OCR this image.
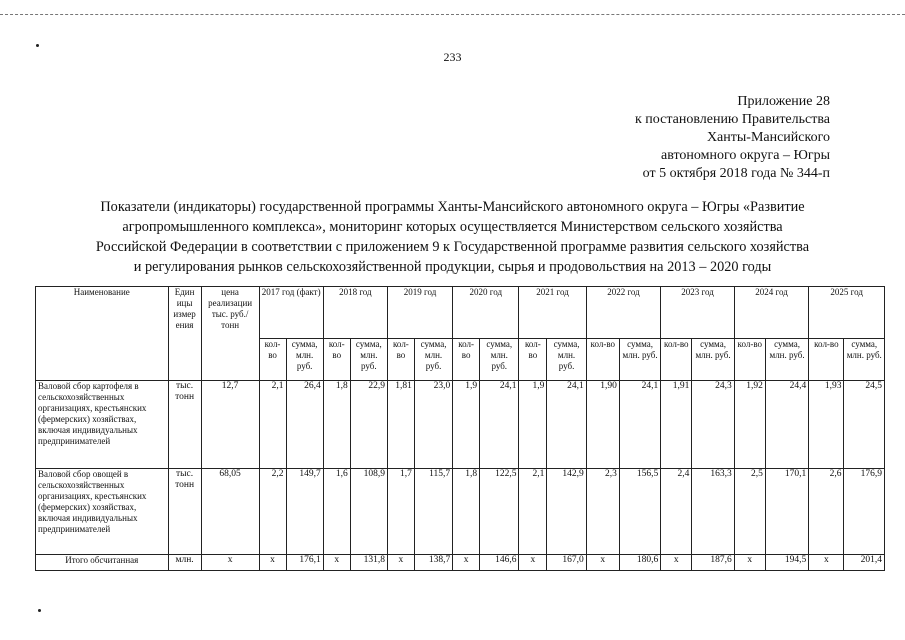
233
Приложение 28
к постановлению Правительства
Ханты-Мансийского
автономного округа – Югры
от 5 октября 2018 года № 344-п
Показатели (индикаторы) государственной программы Ханты-Мансийского автономного округа – Югры «Развитие
агропромышленного комплекса», мониторинг которых осуществляется Министерством сельского хозяйства
Российской Федерации в соответствии с приложением 9 к Государственной программе развития сельского хозяйства
и регулирования рынков сельскохозяйственной продукции, сырья и продовольствия на 2013 – 2020 годы
Наименование	Един ицы измер ения	цена реализации тыс. руб./ тонн	2017 год (факт)		2018 год		2019 год		2020 год		2021 год		2022 год		2023 год		2024 год		2025 год	
			кол-во	сумма, млн. руб.	кол-во	сумма, млн. руб.	кол-во	сумма, млн. руб.	кол-во	сумма, млн. руб.	кол-во	сумма, млн. руб.	кол-во	сумма, млн. руб.	кол-во	сумма, млн. руб.	кол-во	сумма, млн. руб.	кол-во	сумма, млн. руб.
Валовой сбор картофеля в сельскохозяйственных организациях, крестьянских (фермерских) хозяйствах, включая индивидуальных предпринимателей	тыс. тонн	12,7	2,1	26,4	1,8	22,9	1,81	23,0	1,9	24,1	1,9	24,1	1,90	24,1	1,91	24,3	1,92	24,4	1,93	24,5
Валовой сбор овощей в сельскохозяйственных организациях, крестьянских (фермерских) хозяйствах, включая индивидуальных предпринимателей	тыс. тонн	68,05	2,2	149,7	1,6	108,9	1,7	115,7	1,8	122,5	2,1	142,9	2,3	156,5	2,4	163,3	2,5	170,1	2,6	176,9
Итого обсчитанная	млн.	х	х	176,1	х	131,8	х	138,7	х	146,6	х	167,0	х	180,6	х	187,6	х	194,5	х	201,4
